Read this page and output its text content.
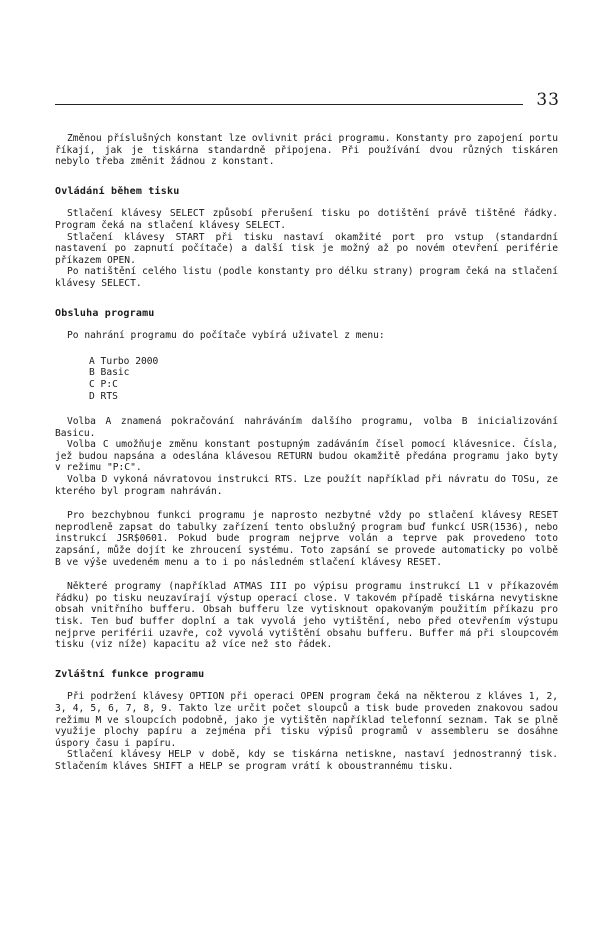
33

Změnou příslušných konstant lze ovlivnit práci programu. Konstanty pro zapojení portu říkají, jak je tiskárna standardně připojena. Při používání dvou různých tiskáren nebylo třeba změnit žádnou z konstant.

Ovládání během tisku

Stlačení klávesy SELECT způsobí přerušení tisku po dotištění právě tištěné řádky. Program čeká na stlačení klávesy SELECT.

Stlačení klávesy START při tisku nastaví okamžité port pro vstup (standardní nastavení po zapnutí počítače) a další tisk je možný až po novém otevření periférie příkazem OPEN.

Po natištění celého listu (podle konstanty pro délku strany) program čeká na stlačení klávesy SELECT.

Obsluha programu

Po nahrání programu do počítače vybírá uživatel z menu:

A Turbo 2000
B Basic
C P:C
D RTS

Volba A znamená pokračování nahráváním dalšího programu, volba B inicializování Basicu.

Volba C umožňuje změnu konstant postupným zadáváním čísel pomocí klávesnice. Čísla, jež budou napsána a odeslána klávesou RETURN budou okamžitě předána programu jako byty v režimu "P:C".

Volba D vykoná návratovou instrukci RTS. Lze použít například při návratu do TOSu, ze kterého byl program nahráván.

Pro bezchybnou funkci programu je naprosto nezbytné vždy po stlačení klávesy RESET neprodleně zapsat do tabulky zařízení tento obslužný program buď funkcí USR(1536), nebo instrukcí JSR$0601. Pokud bude program nejprve volán a teprve pak provedeno toto zapsání, může dojít ke zhroucení systému. Toto zapsání se provede automaticky po volbě B ve výše uvedeném menu a to i po následném stlačení klávesy RESET.

Některé programy (například ATMAS III po výpisu programu instrukcí L1 v příkazovém řádku) po tisku neuzavírají výstup operací close. V takovém případě tiskárna nevytiskne obsah vnitřního bufferu. Obsah bufferu lze vytisknout opakovaným použitím příkazu pro tisk. Ten buď buffer doplní a tak vyvolá jeho vytištění, nebo před otevřením výstupu nejprve periférii uzavře, což vyvolá vytištění obsahu bufferu. Buffer má při sloupcovém tisku (viz níže) kapacitu až více než sto řádek.

Zvláštní funkce programu

Při podržení klávesy OPTION při operaci OPEN program čeká na některou z kláves 1, 2, 3, 4, 5, 6, 7, 8, 9. Takto lze určit počet sloupců a tisk bude proveden znakovou sadou režimu M ve sloupcích podobně, jako je vytištěn například telefonní seznam. Tak se plně využije plochy papíru a zejména při tisku výpisů programů v assembleru se dosáhne úspory času i papíru.

Stlačení klávesy HELP v době, kdy se tiskárna netiskne, nastaví jednostranný tisk. Stlačením kláves SHIFT a HELP se program vrátí k oboustrannému tisku.
